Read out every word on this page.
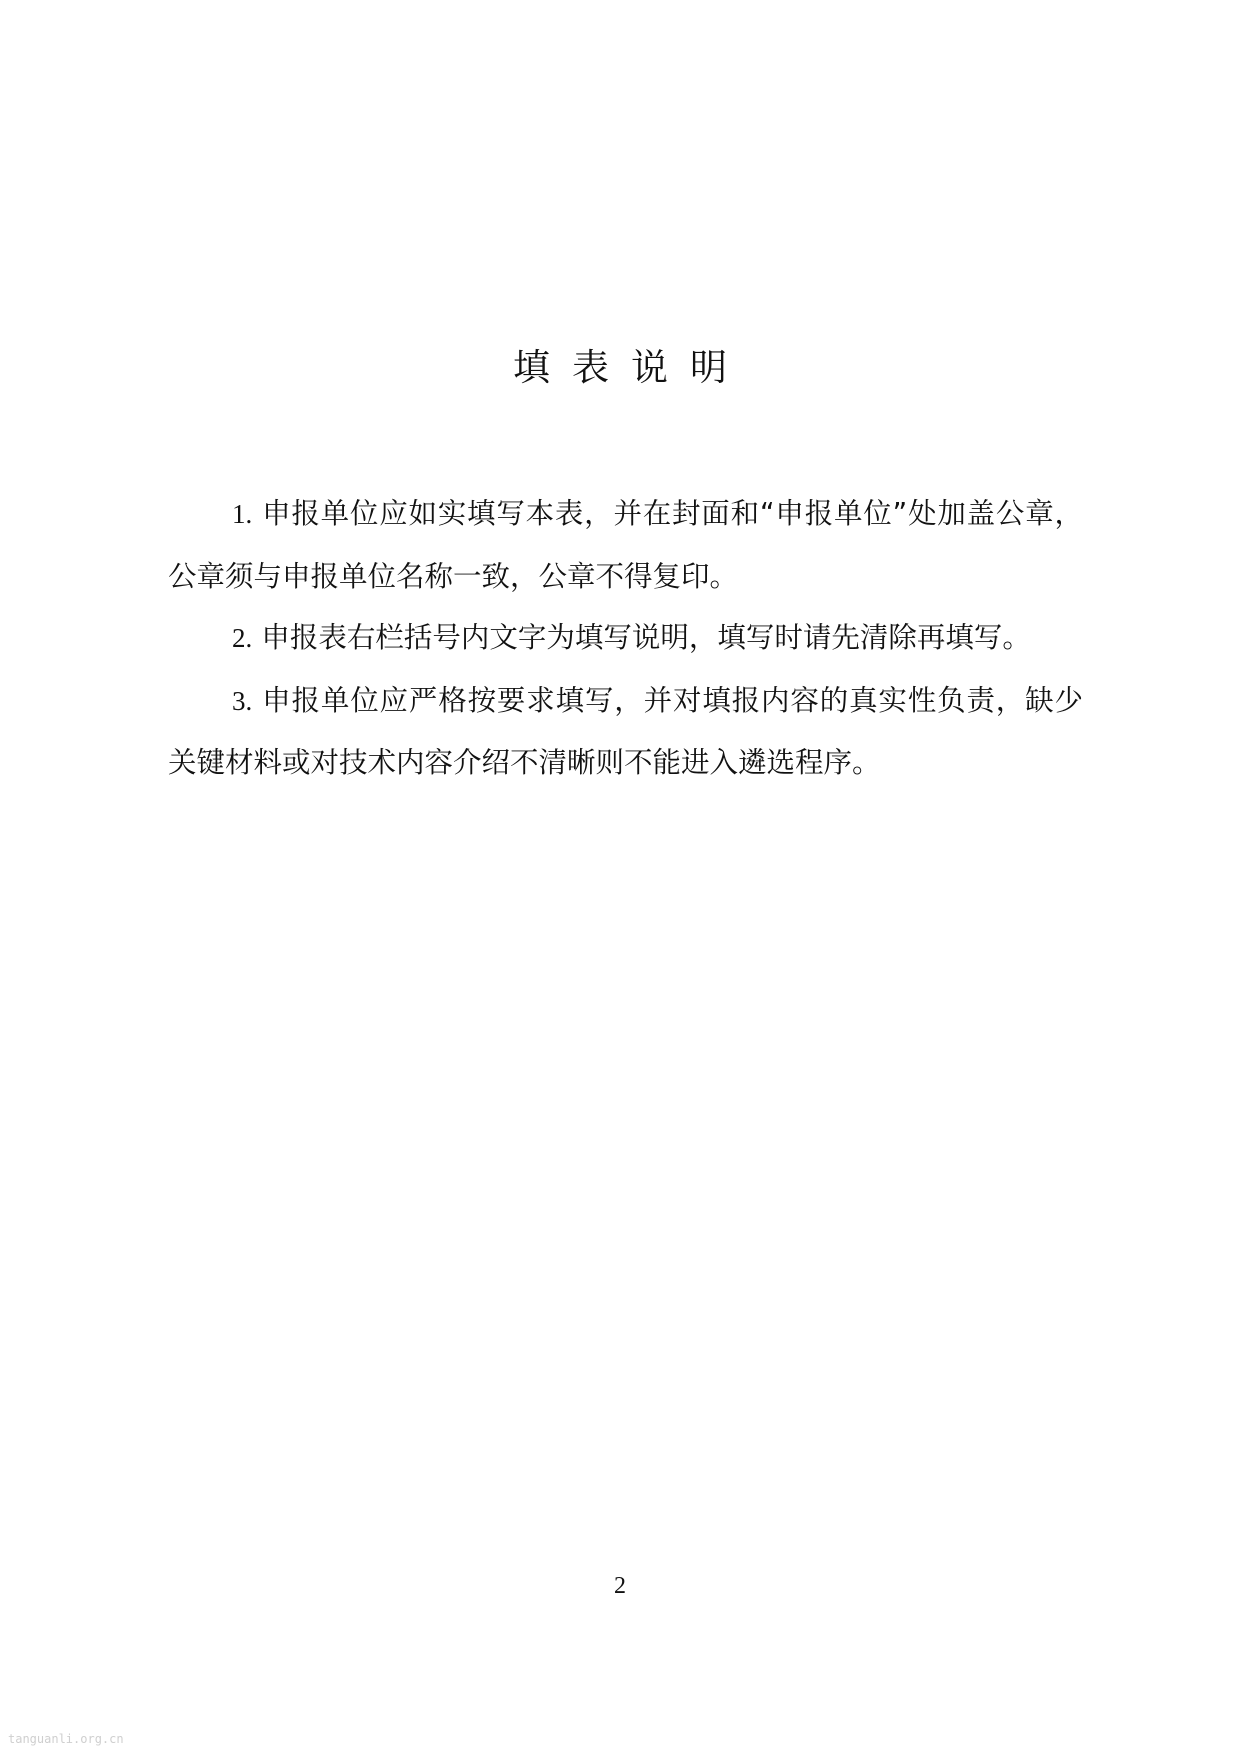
填表说明

1. 申报单位应如实填写本表，并在封面和“申报单位”处加盖公章，公章须与申报单位名称一致，公章不得复印。

2. 申报表右栏括号内文字为填写说明，填写时请先清除再填写。

3. 申报单位应严格按要求填写，并对填报内容的真实性负责，缺少关键材料或对技术内容介绍不清晰则不能进入遴选程序。

2

tanguanli.org.cn
